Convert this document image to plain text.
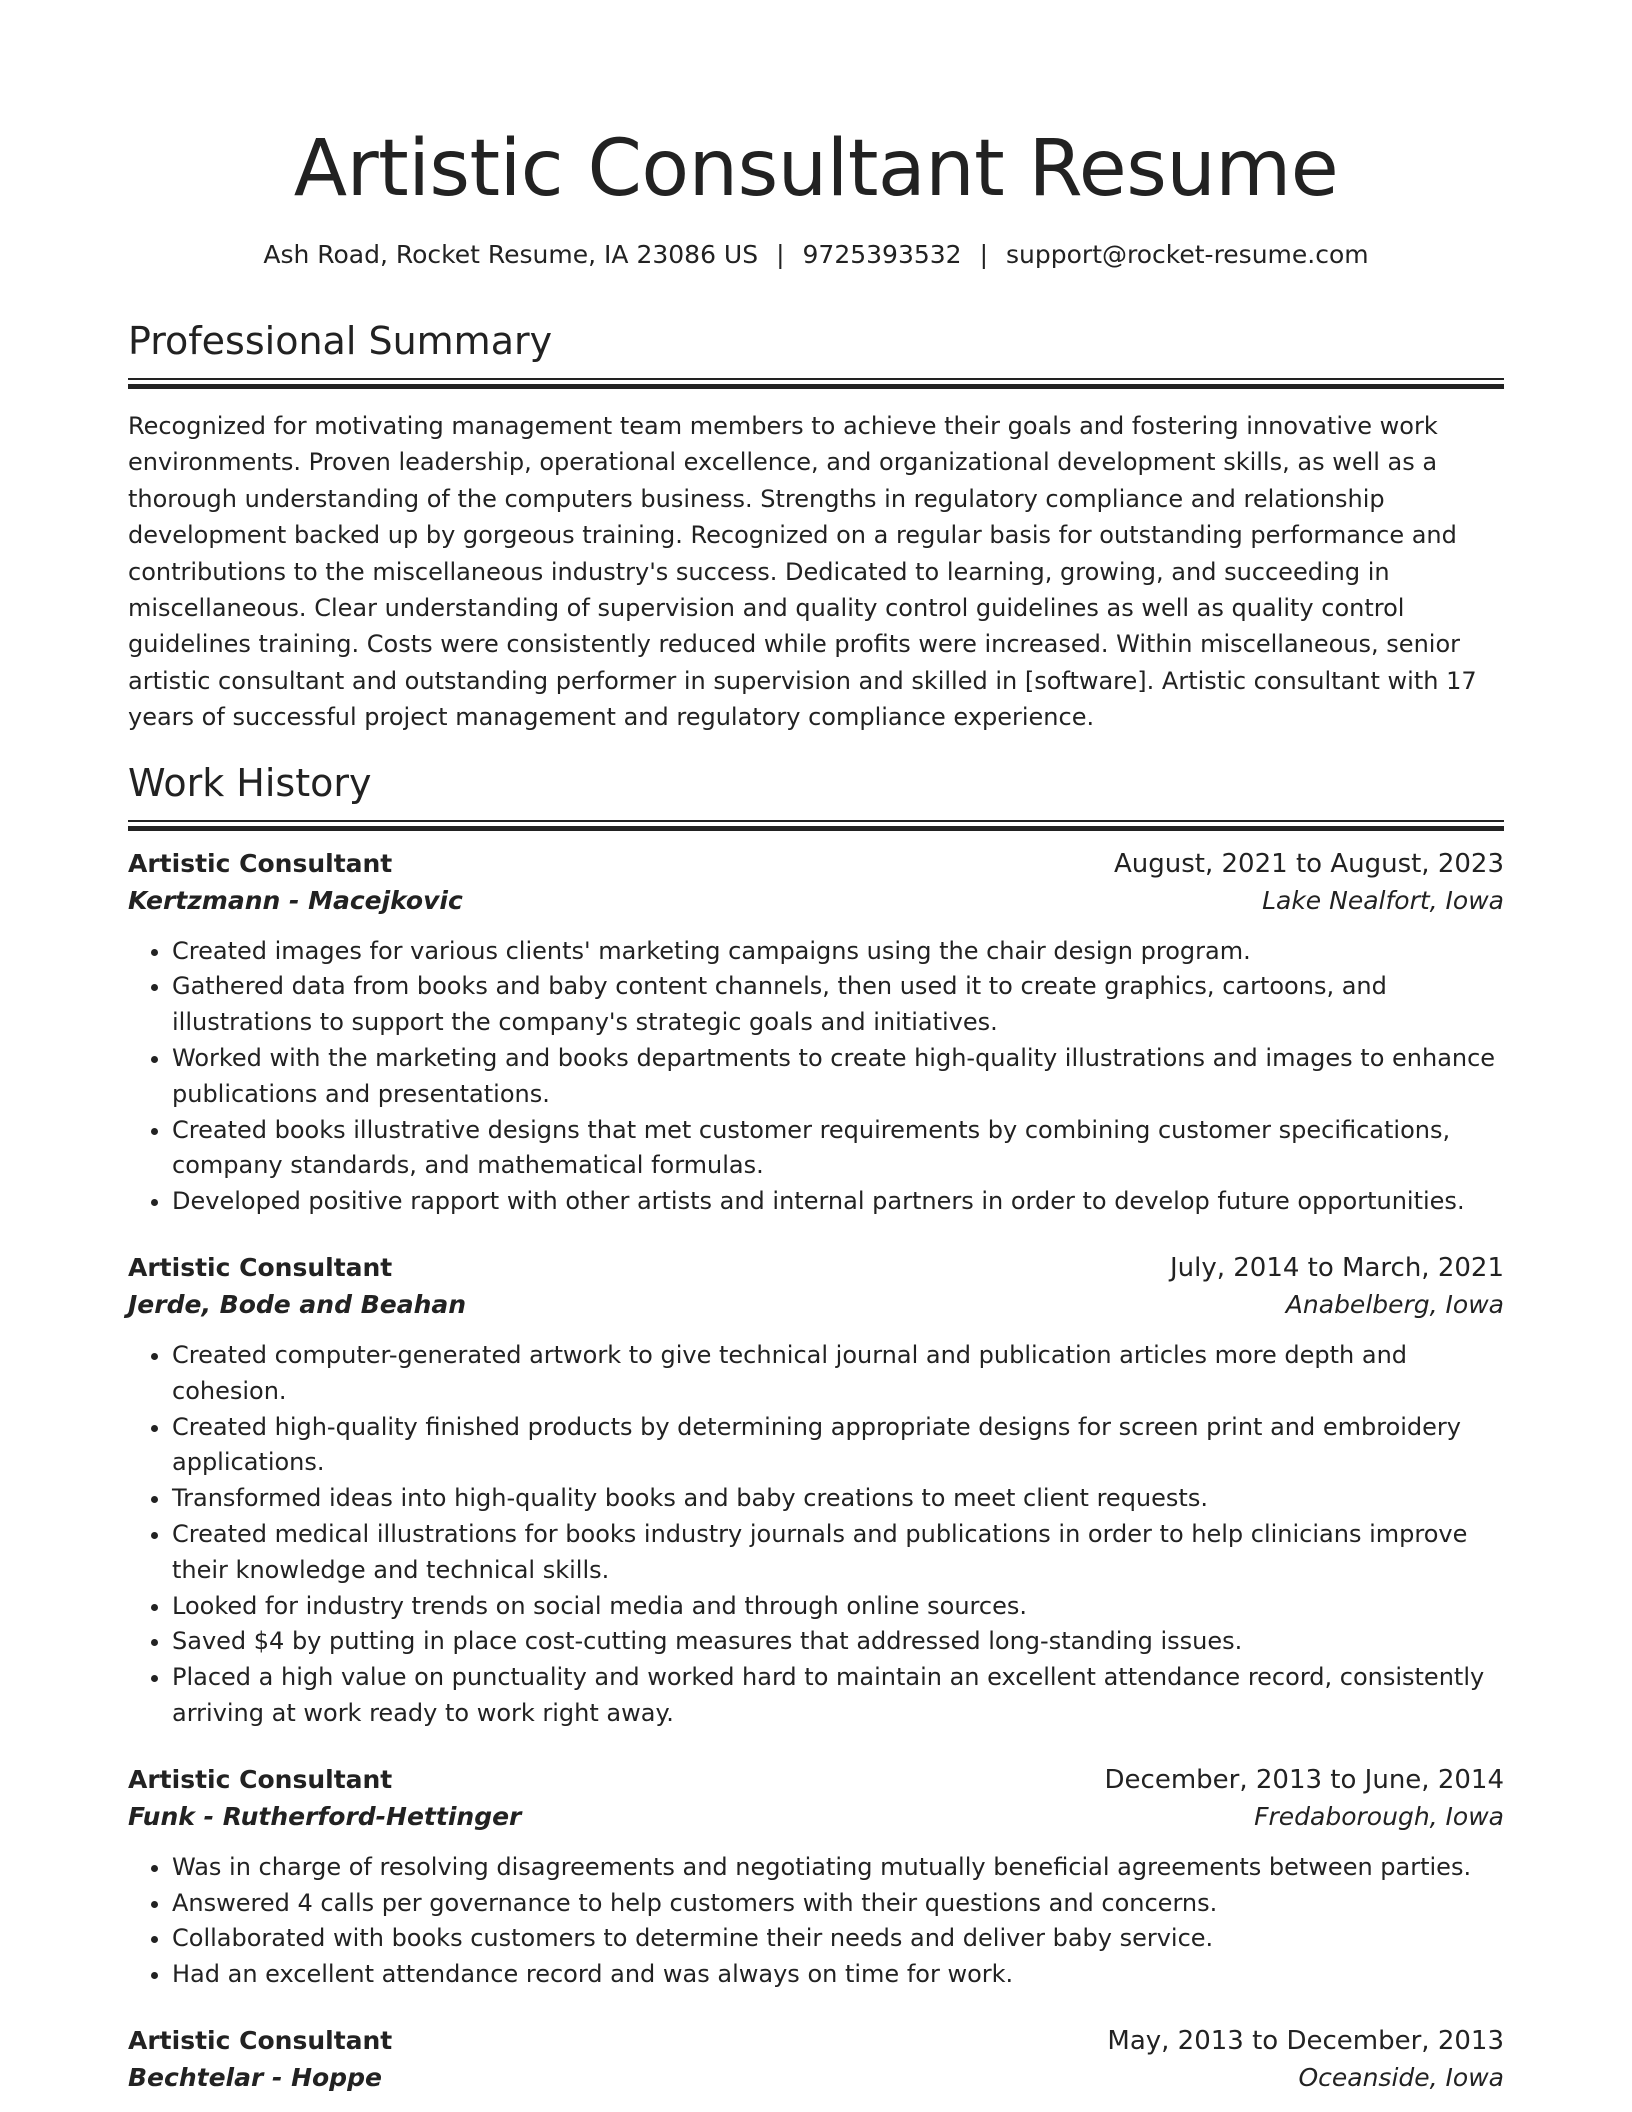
Artistic Consultant Resume
Ash Road, Rocket Resume, IA 23086 US | 9725393532 | support@rocket-resume.com
Professional Summary
Recognized for motivating management team members to achieve their goals and fostering innovative work environments. Proven leadership, operational excellence, and organizational development skills, as well as a thorough understanding of the computers business. Strengths in regulatory compliance and relationship development backed up by gorgeous training. Recognized on a regular basis for outstanding performance and contributions to the miscellaneous industry's success. Dedicated to learning, growing, and succeeding in miscellaneous. Clear understanding of supervision and quality control guidelines as well as quality control guidelines training. Costs were consistently reduced while profits were increased. Within miscellaneous, senior artistic consultant and outstanding performer in supervision and skilled in [software]. Artistic consultant with 17 years of successful project management and regulatory compliance experience.
Work History
Artistic Consultant	August, 2021 to August, 2023
Kertzmann - Macejkovic	Lake Nealfort, Iowa
• Created images for various clients' marketing campaigns using the chair design program.
• Gathered data from books and baby content channels, then used it to create graphics, cartoons, and illustrations to support the company's strategic goals and initiatives.
• Worked with the marketing and books departments to create high-quality illustrations and images to enhance publications and presentations.
• Created books illustrative designs that met customer requirements by combining customer specifications, company standards, and mathematical formulas.
• Developed positive rapport with other artists and internal partners in order to develop future opportunities.
Artistic Consultant	July, 2014 to March, 2021
Jerde, Bode and Beahan	Anabelberg, Iowa
• Created computer-generated artwork to give technical journal and publication articles more depth and cohesion.
• Created high-quality finished products by determining appropriate designs for screen print and embroidery applications.
• Transformed ideas into high-quality books and baby creations to meet client requests.
• Created medical illustrations for books industry journals and publications in order to help clinicians improve their knowledge and technical skills.
• Looked for industry trends on social media and through online sources.
• Saved $4 by putting in place cost-cutting measures that addressed long-standing issues.
• Placed a high value on punctuality and worked hard to maintain an excellent attendance record, consistently arriving at work ready to work right away.
Artistic Consultant	December, 2013 to June, 2014
Funk - Rutherford-Hettinger	Fredaborough, Iowa
• Was in charge of resolving disagreements and negotiating mutually beneficial agreements between parties.
• Answered 4 calls per governance to help customers with their questions and concerns.
• Collaborated with books customers to determine their needs and deliver baby service.
• Had an excellent attendance record and was always on time for work.
Artistic Consultant	May, 2013 to December, 2013
Bechtelar - Hoppe	Oceanside, Iowa
